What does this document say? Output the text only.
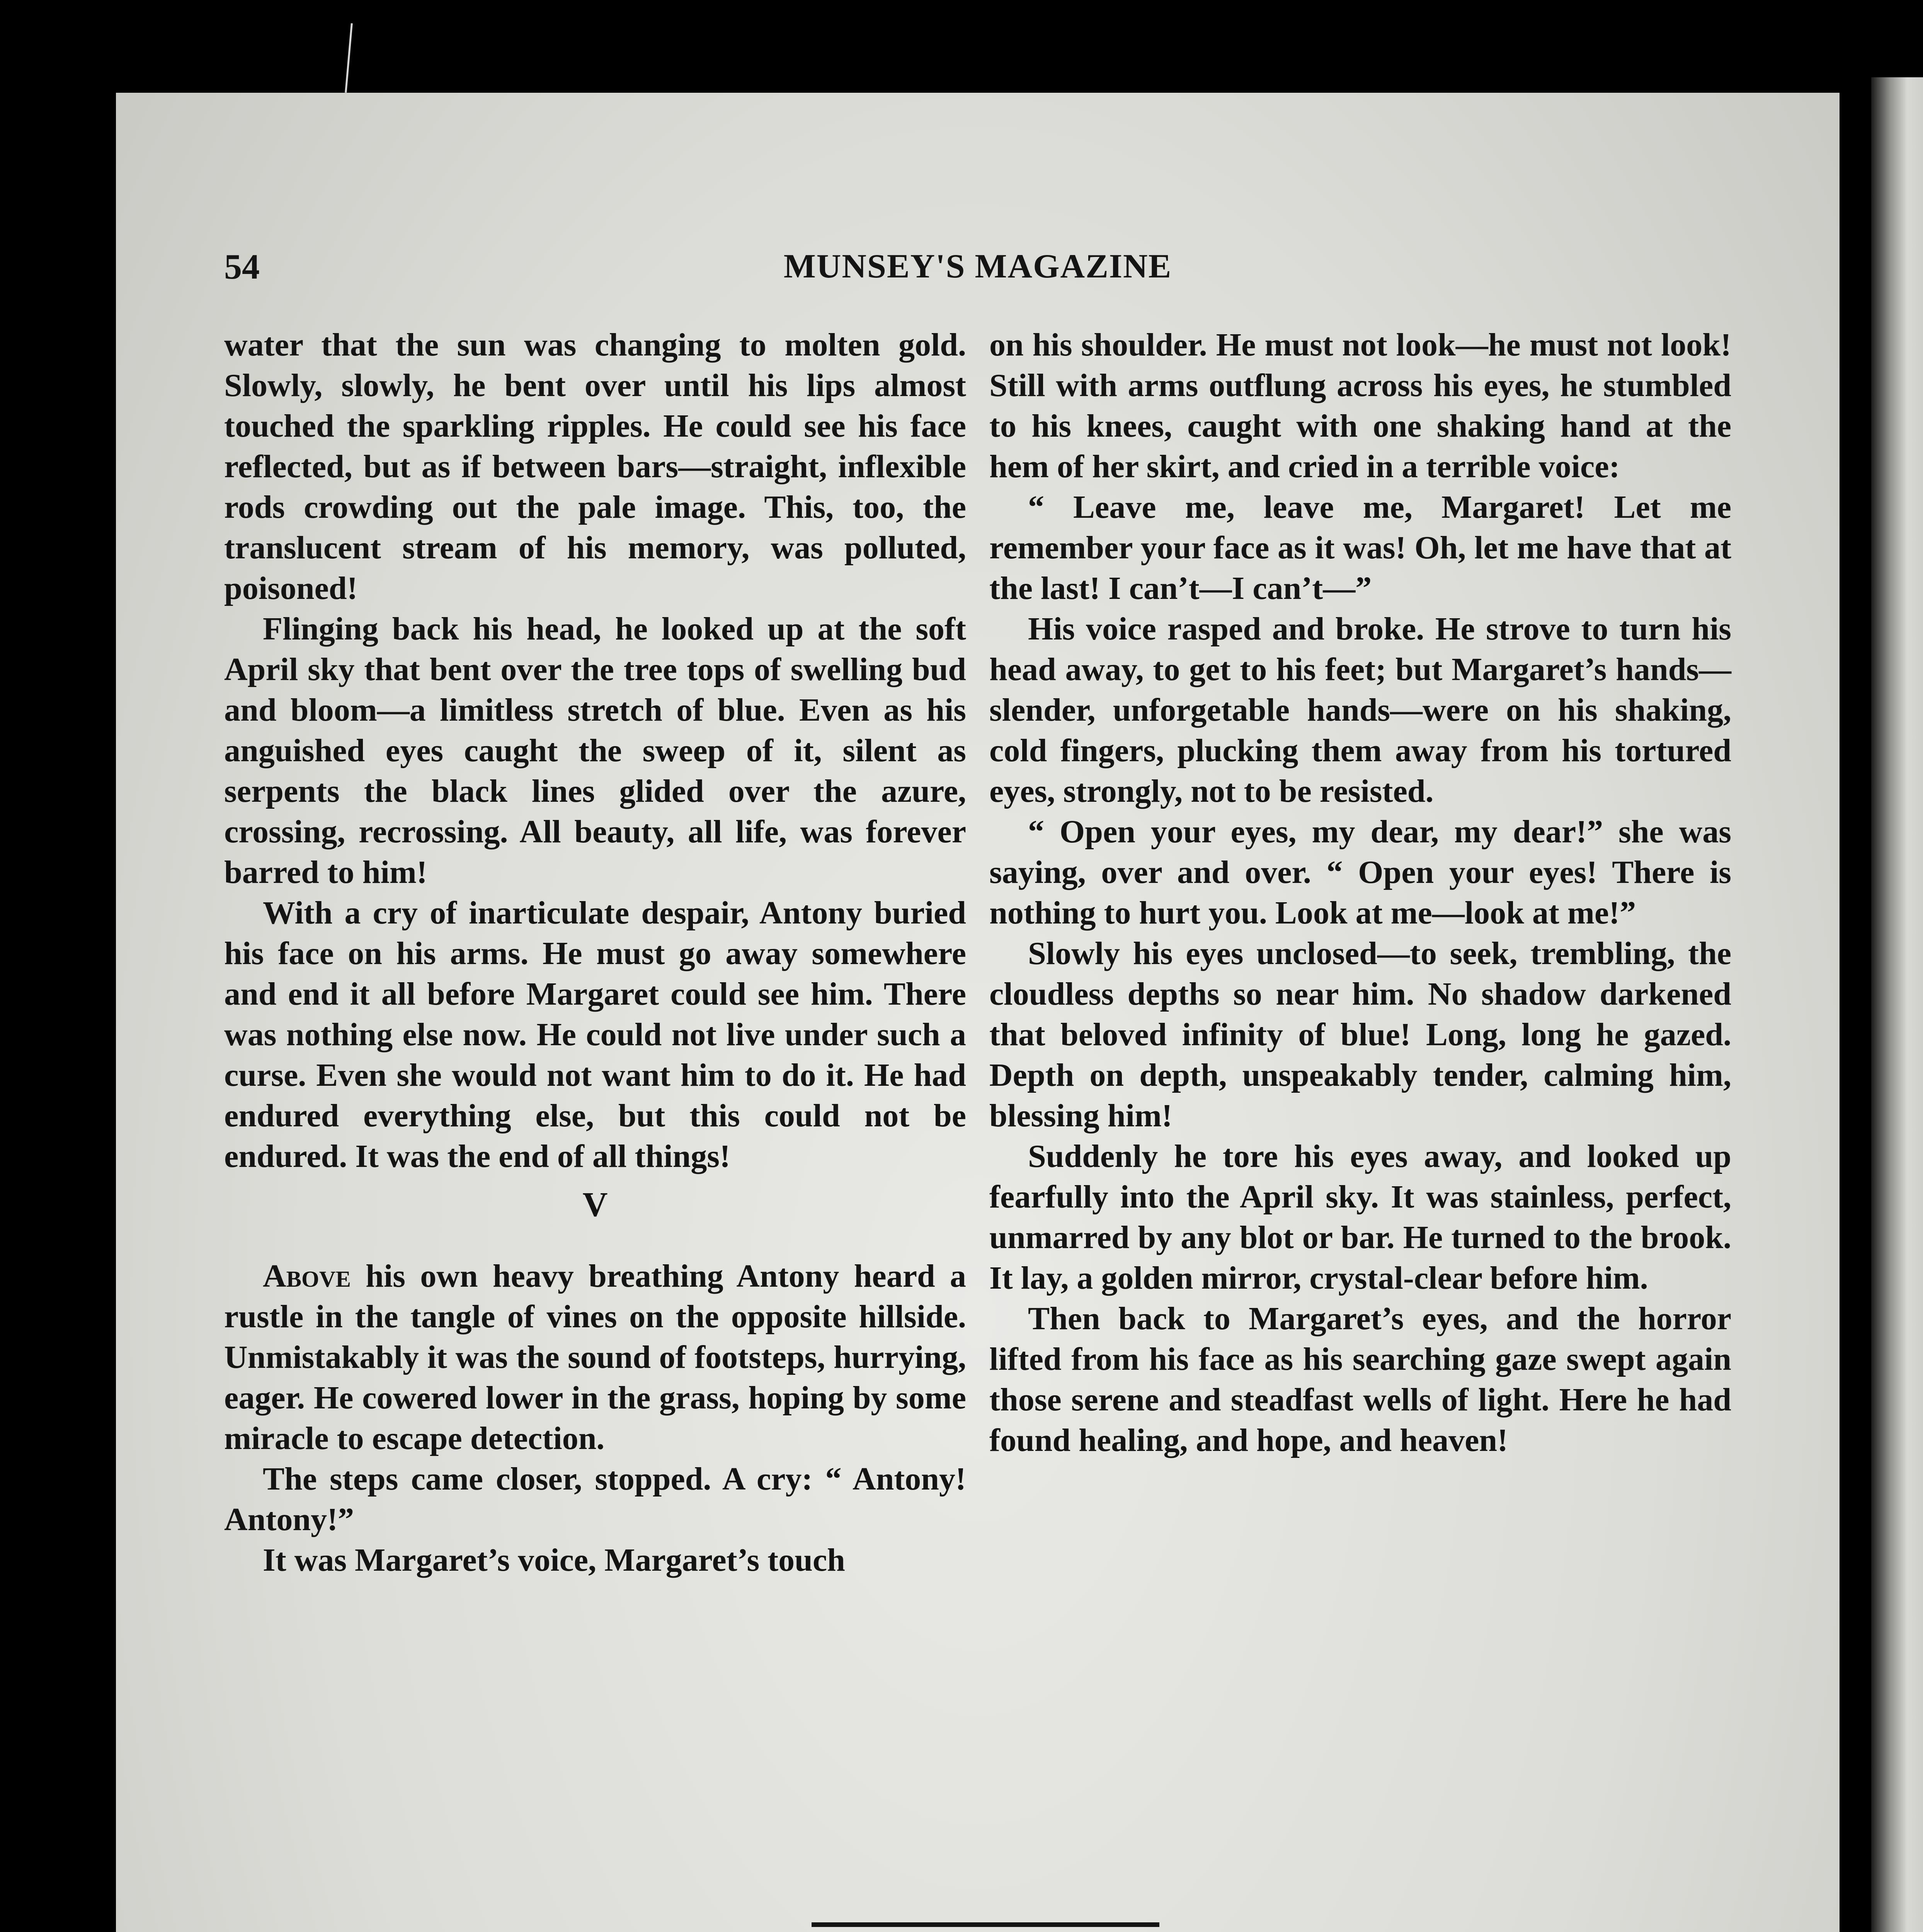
54	MUNSEY'S MAGAZINE

water that the sun was changing to molten gold. Slowly, slowly, he bent over until his lips almost touched the sparkling ripples. He could see his face reflected, but as if between bars—straight, inflexible rods crowding out the pale image. This, too, the translucent stream of his memory, was polluted, poisoned!

Flinging back his head, he looked up at the soft April sky that bent over the tree tops of swelling bud and bloom—a limitless stretch of blue. Even as his anguished eyes caught the sweep of it, silent as serpents the black lines glided over the azure, crossing, recrossing. All beauty, all life, was forever barred to him!

With a cry of inarticulate despair, Antony buried his face on his arms. He must go away somewhere and end it all before Margaret could see him. There was nothing else now. He could not live under such a curse. Even she would not want him to do it. He had endured everything else, but this could not be endured. It was the end of all things!

V

Above his own heavy breathing Antony heard a rustle in the tangle of vines on the opposite hillside. Unmistakably it was the sound of footsteps, hurrying, eager. He cowered lower in the grass, hoping by some miracle to escape detection.

The steps came closer, stopped. A cry: “ Antony! Antony!”

It was Margaret’s voice, Margaret’s touch

on his shoulder. He must not look—he must not look! Still with arms outflung across his eyes, he stumbled to his knees, caught with one shaking hand at the hem of her skirt, and cried in a terrible voice:

“ Leave me, leave me, Margaret! Let me remember your face as it was! Oh, let me have that at the last! I can’t—I can’t—”

His voice rasped and broke. He strove to turn his head away, to get to his feet; but Margaret’s hands—slender, unforgetable hands—were on his shaking, cold fingers, plucking them away from his tortured eyes, strongly, not to be resisted.

“ Open your eyes, my dear, my dear!” she was saying, over and over. “ Open your eyes! There is nothing to hurt you. Look at me—look at me!”

Slowly his eyes unclosed—to seek, trembling, the cloudless depths so near him. No shadow darkened that beloved infinity of blue! Long, long he gazed. Depth on depth, unspeakably tender, calming him, blessing him!

Suddenly he tore his eyes away, and looked up fearfully into the April sky. It was stainless, perfect, unmarred by any blot or bar. He turned to the brook. It lay, a golden mirror, crystal-clear before him.

Then back to Margaret’s eyes, and the horror lifted from his face as his searching gaze swept again those serene and steadfast wells of light. Here he had found healing, and hope, and heaven!
